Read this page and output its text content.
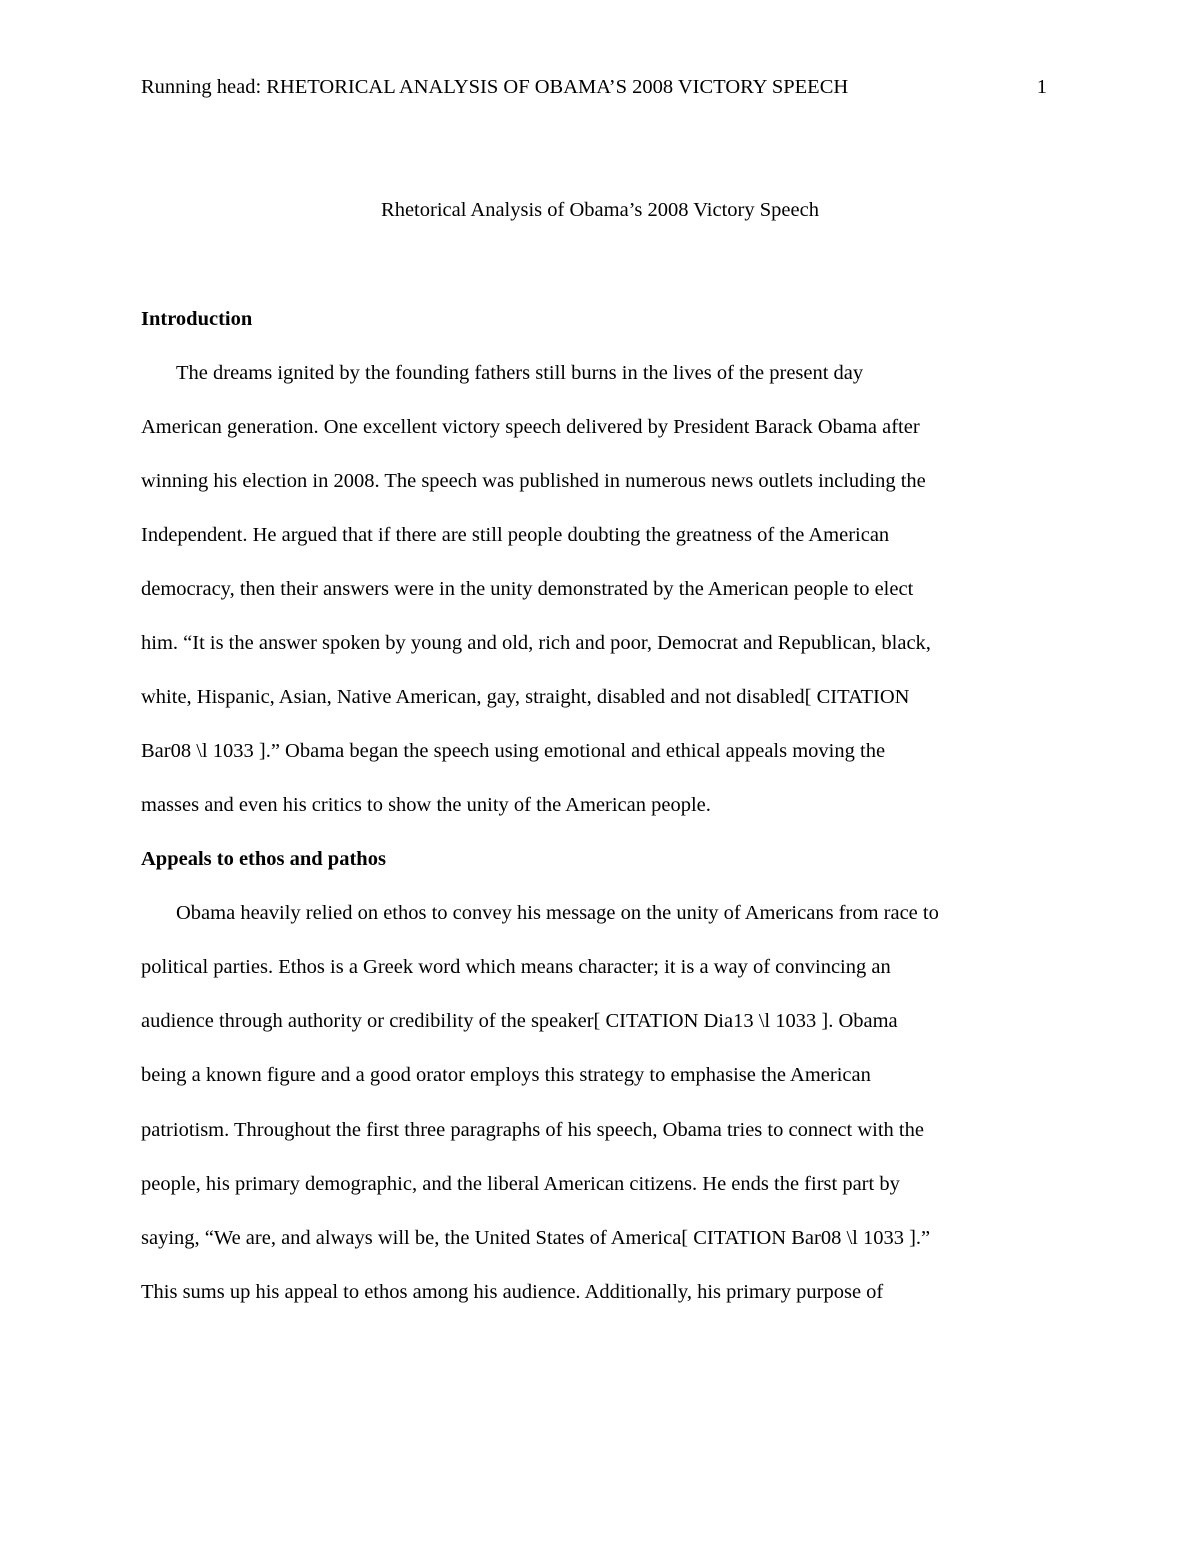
Running head: RHETORICAL ANALYSIS OF OBAMA’S 2008 VICTORY SPEECH	1
Rhetorical Analysis of Obama’s 2008 Victory Speech
Introduction
The dreams ignited by the founding fathers still burns in the lives of the present day
American generation. One excellent victory speech delivered by President Barack Obama after
winning his election in 2008. The speech was published in numerous news outlets including the
Independent. He argued that if there are still people doubting the greatness of the American
democracy, then their answers were in the unity demonstrated by the American people to elect
him. “It is the answer spoken by young and old, rich and poor, Democrat and Republican, black,
white, Hispanic, Asian, Native American, gay, straight, disabled and not disabled[ CITATION
Bar08 \l 1033 ].” Obama began the speech using emotional and ethical appeals moving the
masses and even his critics to show the unity of the American people.
Appeals to ethos and pathos
Obama heavily relied on ethos to convey his message on the unity of Americans from race to
political parties. Ethos is a Greek word which means character; it is a way of convincing an
audience through authority or credibility of the speaker[ CITATION Dia13 \l 1033 ]. Obama
being a known figure and a good orator employs this strategy to emphasise the American
patriotism. Throughout the first three paragraphs of his speech, Obama tries to connect with the
people, his primary demographic, and the liberal American citizens. He ends the first part by
saying, “We are, and always will be, the United States of America[ CITATION Bar08 \l 1033 ].”
This sums up his appeal to ethos among his audience. Additionally, his primary purpose of
